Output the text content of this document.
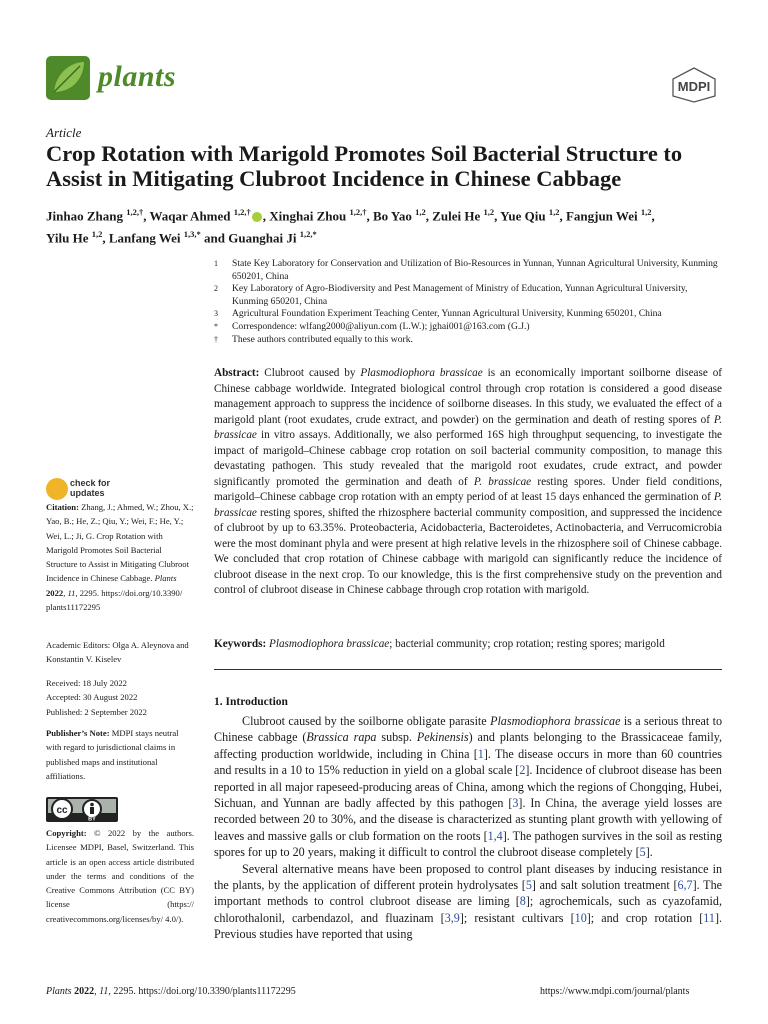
plants	MDPI
Article
Crop Rotation with Marigold Promotes Soil Bacterial Structure to Assist in Mitigating Clubroot Incidence in Chinese Cabbage
Jinhao Zhang $^{1,2,\dagger}$, Waqar Ahmed $^{1,2,\dagger}$ , Xinghai Zhou $^{1,2,\dagger}$, Bo Yao $^{1,2}$, Zulei He $^{1,2}$, Yue Qiu $^{1,2}$, Fangjun Wei $^{1,2}$,
Yilu He $^{1,2}$, Lanfang Wei $^{1,3,*}$ and Guanghai Ji $^{1,2,*}$
1	State Key Laboratory for Conservation and Utilization of Bio-Resources in Yunnan, Yunnan Agricultural University, Kunming 650201, China
2	Key Laboratory of Agro-Biodiversity and Pest Management of Ministry of Education, Yunnan Agricultural University, Kunming 650201, China
3	Agricultural Foundation Experiment Teaching Center, Yunnan Agricultural University, Kunming 650201, China
*	Correspondence: wlfang2000@aliyun.com (L.W.); jghai001@163.com (G.J.)
†	These authors contributed equally to this work.
Abstract: Clubroot caused by Plasmodiophora brassicae is an economically important soilborne disease of Chinese cabbage worldwide. Integrated biological control through crop rotation is considered a good disease management approach to suppress the incidence of soilborne diseases. In this study, we evaluated the effect of a marigold plant (root exudates, crude extract, and powder) on the germination and death of resting spores of P. brassicae in vitro assays. Additionally, we also performed 16S high throughput sequencing, to investigate the impact of marigold–Chinese cabbage crop rotation on soil bacterial community composition, to manage this devastating pathogen. This study revealed that the marigold root exudates, crude extract, and powder significantly promoted the germination and death of P. brassicae resting spores. Under field conditions, marigold–Chinese cabbage crop rotation with an empty period of at least 15 days enhanced the germination of P. brassicae resting spores, shifted the rhizosphere bacterial community composition, and suppressed the incidence of clubroot by up to 63.35%. Proteobacteria, Acidobacteria, Bacteroidetes, Actinobacteria, and Verrucomicrobia were the most dominant phyla and were present at high relative levels in the rhizosphere soil of Chinese cabbage. We concluded that crop rotation of Chinese cabbage with marigold can significantly reduce the incidence of clubroot disease in the next crop. To our knowledge, this is the first comprehensive study on the prevention and control of clubroot disease in Chinese cabbage through crop rotation with marigold.
Keywords: Plasmodiophora brassicae; bacterial community; crop rotation; resting spores; marigold
1. Introduction

Clubroot caused by the soilborne obligate parasite Plasmodiophora brassicae is a serious threat to Chinese cabbage (Brassica rapa subsp. Pekinensis) and plants belonging to the Brassicaceae family, affecting production worldwide, including in China [1]. The disease occurs in more than 60 countries and results in a 10 to 15% reduction in yield on a global scale [2]. Incidence of clubroot disease has been reported in all major rapeseed-producing areas of China, among which the regions of Chongqing, Hubei, Sichuan, and Yunnan are badly affected by this pathogen [3]. In China, the average yield losses are recorded between 20 to 30%, and the disease is characterized as stunting plant growth with yellowing of leaves and massive galls or club formation on the roots [1,4]. The pathogen survives in the soil as resting spores for up to 20 years, making it difficult to control the clubroot disease completely [5].

Several alternative means have been proposed to control plant diseases by inducing resistance in the plants, by the application of different protein hydrolysates [5] and salt solution treatment [6,7]. The important methods to control clubroot disease are liming [8]; agrochemicals, such as cyazofamid, chlorothalonil, carbendazol, and fluazinam [3,9]; resistant cultivars [10]; and crop rotation [11]. Previous studies have reported that using

check for
updates
Citation: Zhang, J.; Ahmed, W.; Zhou, X.; Yao, B.; He, Z.; Qiu, Y.; Wei, F.; He, Y.; Wei, L.; Ji, G. Crop Rotation with Marigold Promotes Soil Bacterial Structure to Assist in Mitigating Clubroot Incidence in Chinese Cabbage. Plants 2022, 11, 2295. https://doi.org/10.3390/ plants11172295
Academic Editors: Olga A. Aleynova and Konstantin V. Kiselev
Received: 18 July 2022
Accepted: 30 August 2022
Published: 2 September 2022
Publisher’s Note: MDPI stays neutral with regard to jurisdictional claims in published maps and institutional affiliations.
cc
BY
Copyright: © 2022 by the authors. Licensee MDPI, Basel, Switzerland. This article is an open access article distributed under the terms and conditions of the Creative Commons Attribution (CC BY) license (https:// creativecommons.org/licenses/by/ 4.0/).
Plants 2022, 11, 2295. https://doi.org/10.3390/plants11172295	https://www.mdpi.com/journal/plants
